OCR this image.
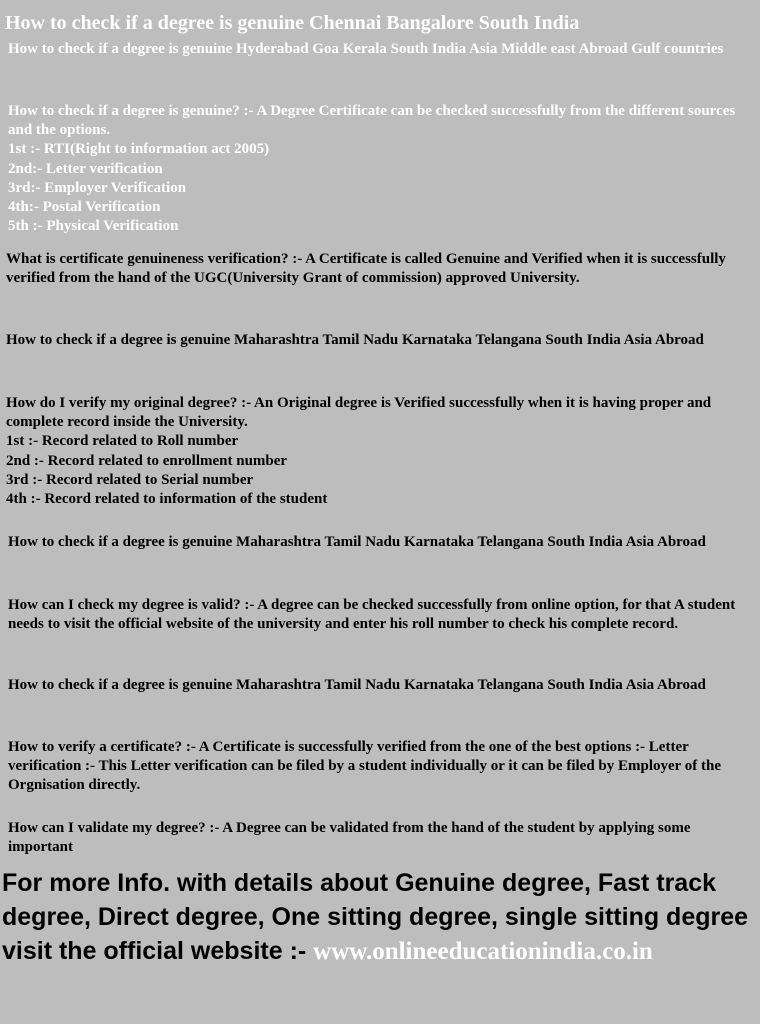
How to check if a degree is genuine Chennai Bangalore South India

How to check if a degree is genuine Hyderabad Goa Kerala South India Asia Middle east Abroad Gulf countries

How to check if a degree is genuine? :- A Degree Certificate can be checked successfully from the different sources and the options.
1st :- RTI(Right to information act 2005)
2nd:- Letter verification
3rd:- Employer Verification
4th:- Postal Verification
5th :- Physical Verification

What is certificate genuineness verification? :- A Certificate is called Genuine and Verified when it is successfully verified from the hand of the UGC(University Grant of commission) approved University.

How to check if a degree is genuine Maharashtra Tamil Nadu Karnataka Telangana South India Asia Abroad

How do I verify my original degree? :- An Original degree is Verified successfully when it is having proper and complete record inside the University.
1st :- Record related to Roll number
2nd :- Record related to enrollment number
3rd :- Record related to Serial number
4th :- Record related to information of the student

How to check if a degree is genuine Maharashtra Tamil Nadu Karnataka Telangana South India Asia Abroad

How can I check my degree is valid? :- A degree can be checked successfully from online option, for that A student needs to visit the official website of the university and enter his roll number to check his complete record.

How to check if a degree is genuine Maharashtra Tamil Nadu Karnataka Telangana South India Asia Abroad

How to verify a certificate? :- A Certificate is successfully verified from the one of the best options :- Letter verification :- This Letter verification can be filed by a student individually or it can be filed by Employer of the Orgnisation directly.

How can I validate my degree? :- A Degree can be validated from the hand of the student by applying some important

For more Info. with details about Genuine degree, Fast track degree, Direct degree, One sitting degree, single sitting degree visit the official website :- www.onlineeducationindia.co.in
